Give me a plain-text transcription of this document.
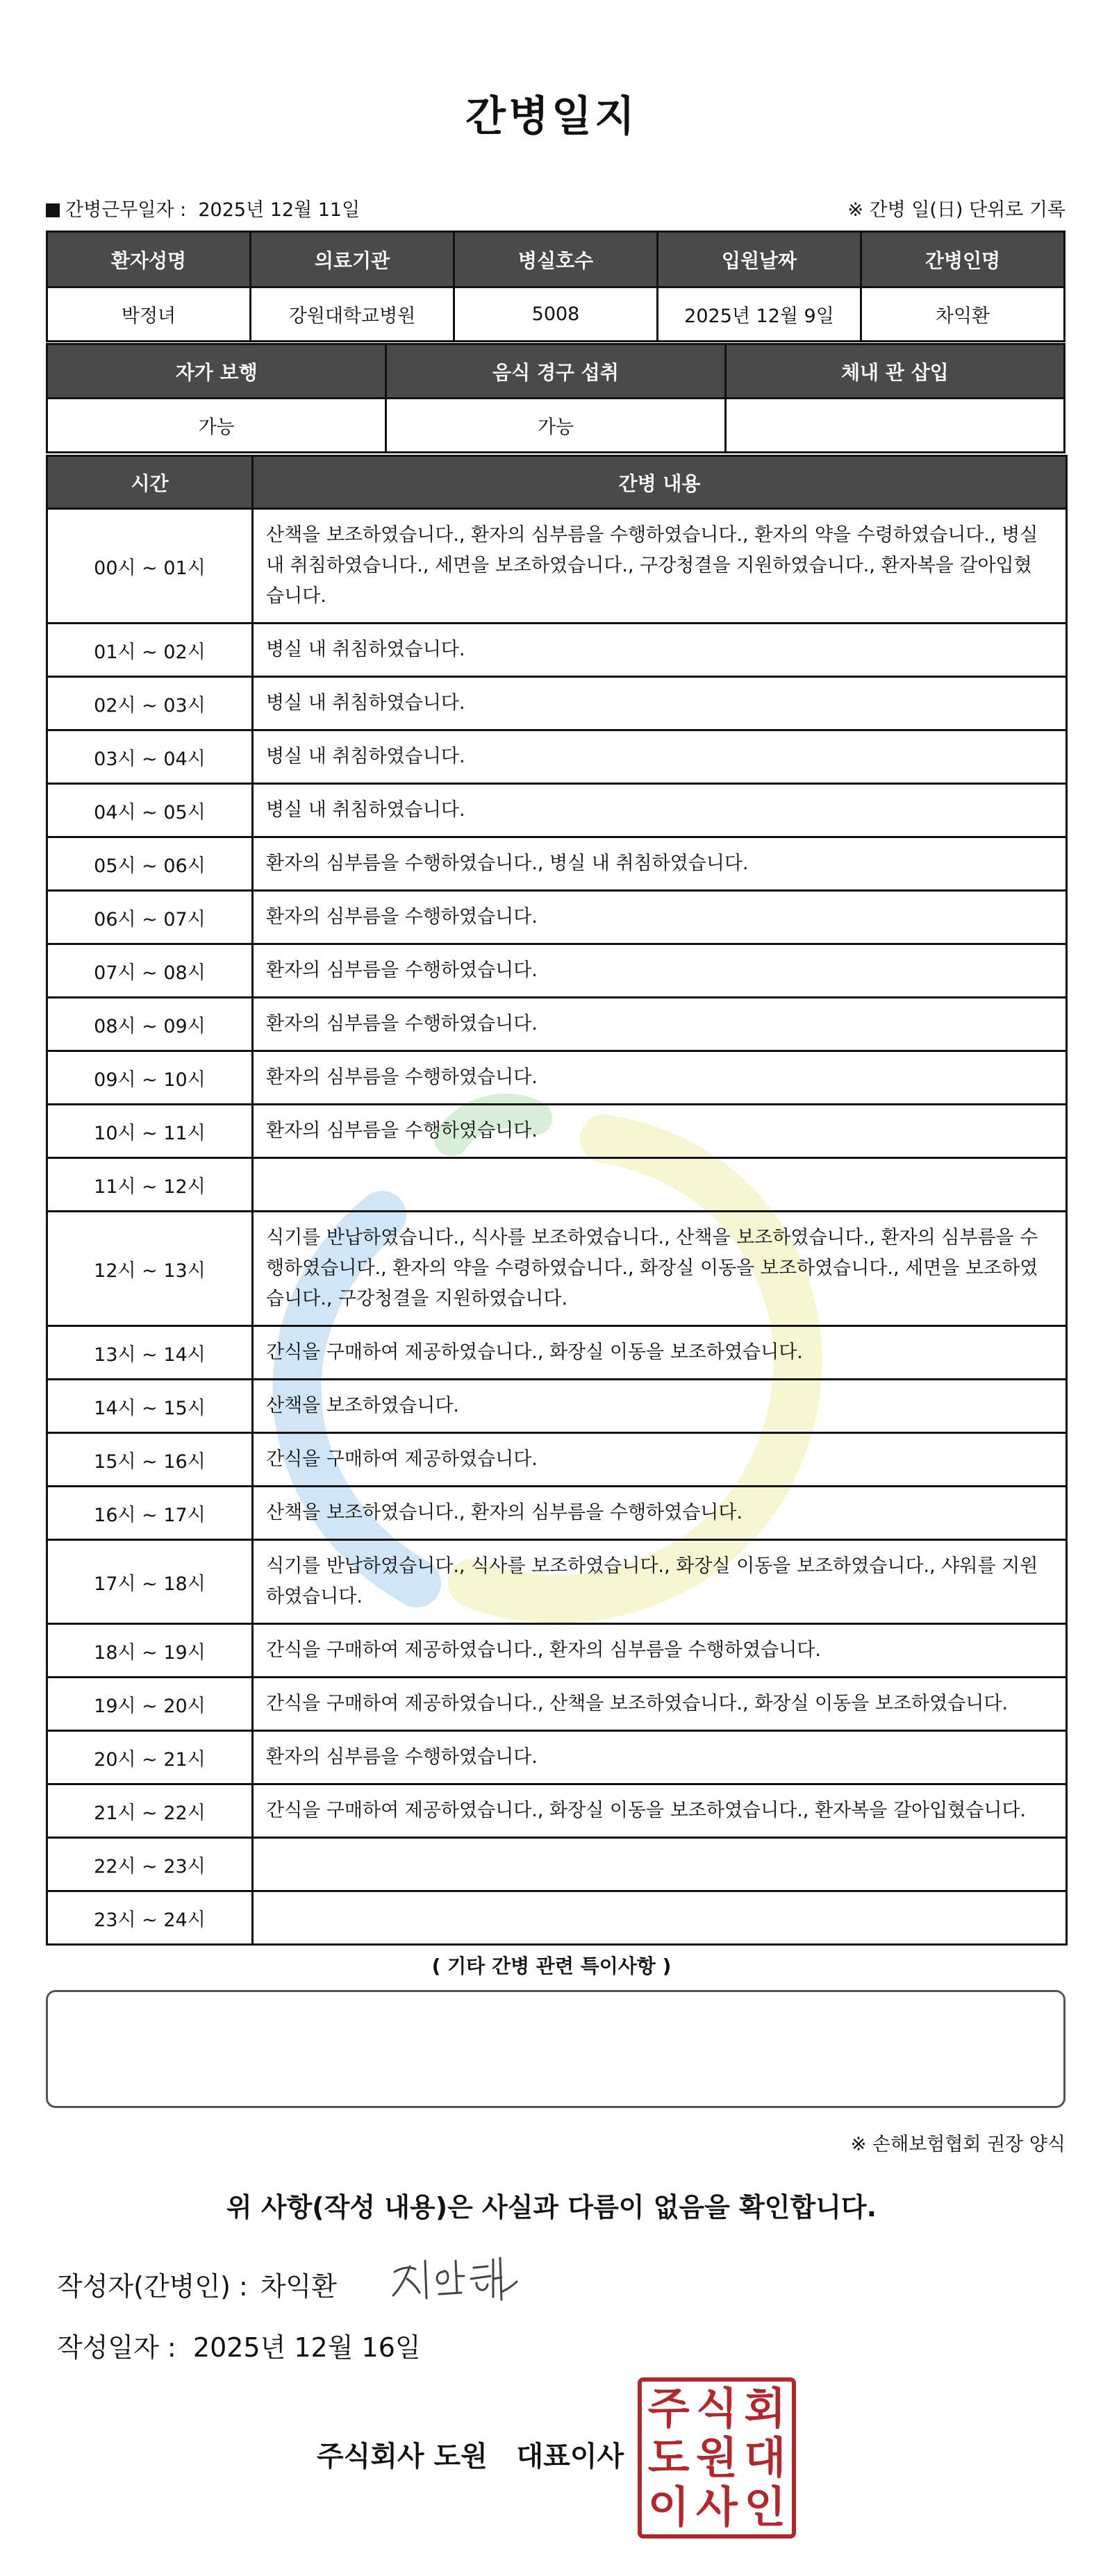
간병일지
간병근무일자 :  2025년 12월 11일	※ 간병 일(日) 단위로 기록
환자성명	의료기관	병실호수	입원날짜	간병인명
박정녀	강원대학교병원	5008	2025년 12월 9일	차익환
자가 보행	음식 경구 섭취	체내 관 삽입
가능	가능	
시간	간병 내용
00시 ~ 01시	산책을 보조하였습니다., 환자의 심부름을 수행하였습니다., 환자의 약을 수령하였습니다., 병실 내 취침하였습니다., 세면을 보조하였습니다., 구강청결을 지원하였습니다., 환자복을 갈아입혔습니다.
01시 ~ 02시	병실 내 취침하였습니다.
02시 ~ 03시	병실 내 취침하였습니다.
03시 ~ 04시	병실 내 취침하였습니다.
04시 ~ 05시	병실 내 취침하였습니다.
05시 ~ 06시	환자의 심부름을 수행하였습니다., 병실 내 취침하였습니다.
06시 ~ 07시	환자의 심부름을 수행하였습니다.
07시 ~ 08시	환자의 심부름을 수행하였습니다.
08시 ~ 09시	환자의 심부름을 수행하였습니다.
09시 ~ 10시	환자의 심부름을 수행하였습니다.
10시 ~ 11시	환자의 심부름을 수행하였습니다.
11시 ~ 12시	
12시 ~ 13시	식기를 반납하였습니다., 식사를 보조하였습니다., 산책을 보조하였습니다., 환자의 심부름을 수행하였습니다., 환자의 약을 수령하였습니다., 화장실 이동을 보조하였습니다., 세면을 보조하였습니다., 구강청결을 지원하였습니다.
13시 ~ 14시	간식을 구매하여 제공하였습니다., 화장실 이동을 보조하였습니다.
14시 ~ 15시	산책을 보조하였습니다.
15시 ~ 16시	간식을 구매하여 제공하였습니다.
16시 ~ 17시	산책을 보조하였습니다., 환자의 심부름을 수행하였습니다.
17시 ~ 18시	식기를 반납하였습니다., 식사를 보조하였습니다., 화장실 이동을 보조하였습니다., 샤워를 지원하였습니다.
18시 ~ 19시	간식을 구매하여 제공하였습니다., 환자의 심부름을 수행하였습니다.
19시 ~ 20시	간식을 구매하여 제공하였습니다., 산책을 보조하였습니다., 화장실 이동을 보조하였습니다.
20시 ~ 21시	환자의 심부름을 수행하였습니다.
21시 ~ 22시	간식을 구매하여 제공하였습니다., 화장실 이동을 보조하였습니다., 환자복을 갈아입혔습니다.
22시 ~ 23시	
23시 ~ 24시	
( 기타 간병 관련 특이사항 )
※ 손해보험협회 권장 양식
위 사항(작성 내용)은 사실과 다름이 없음을 확인합니다.
작성자(간병인) : 차익환
작성일자 : 2025년 12월 16일
주식회사 도원   대표이사
주 식 회
도 원 대
이 사 인
